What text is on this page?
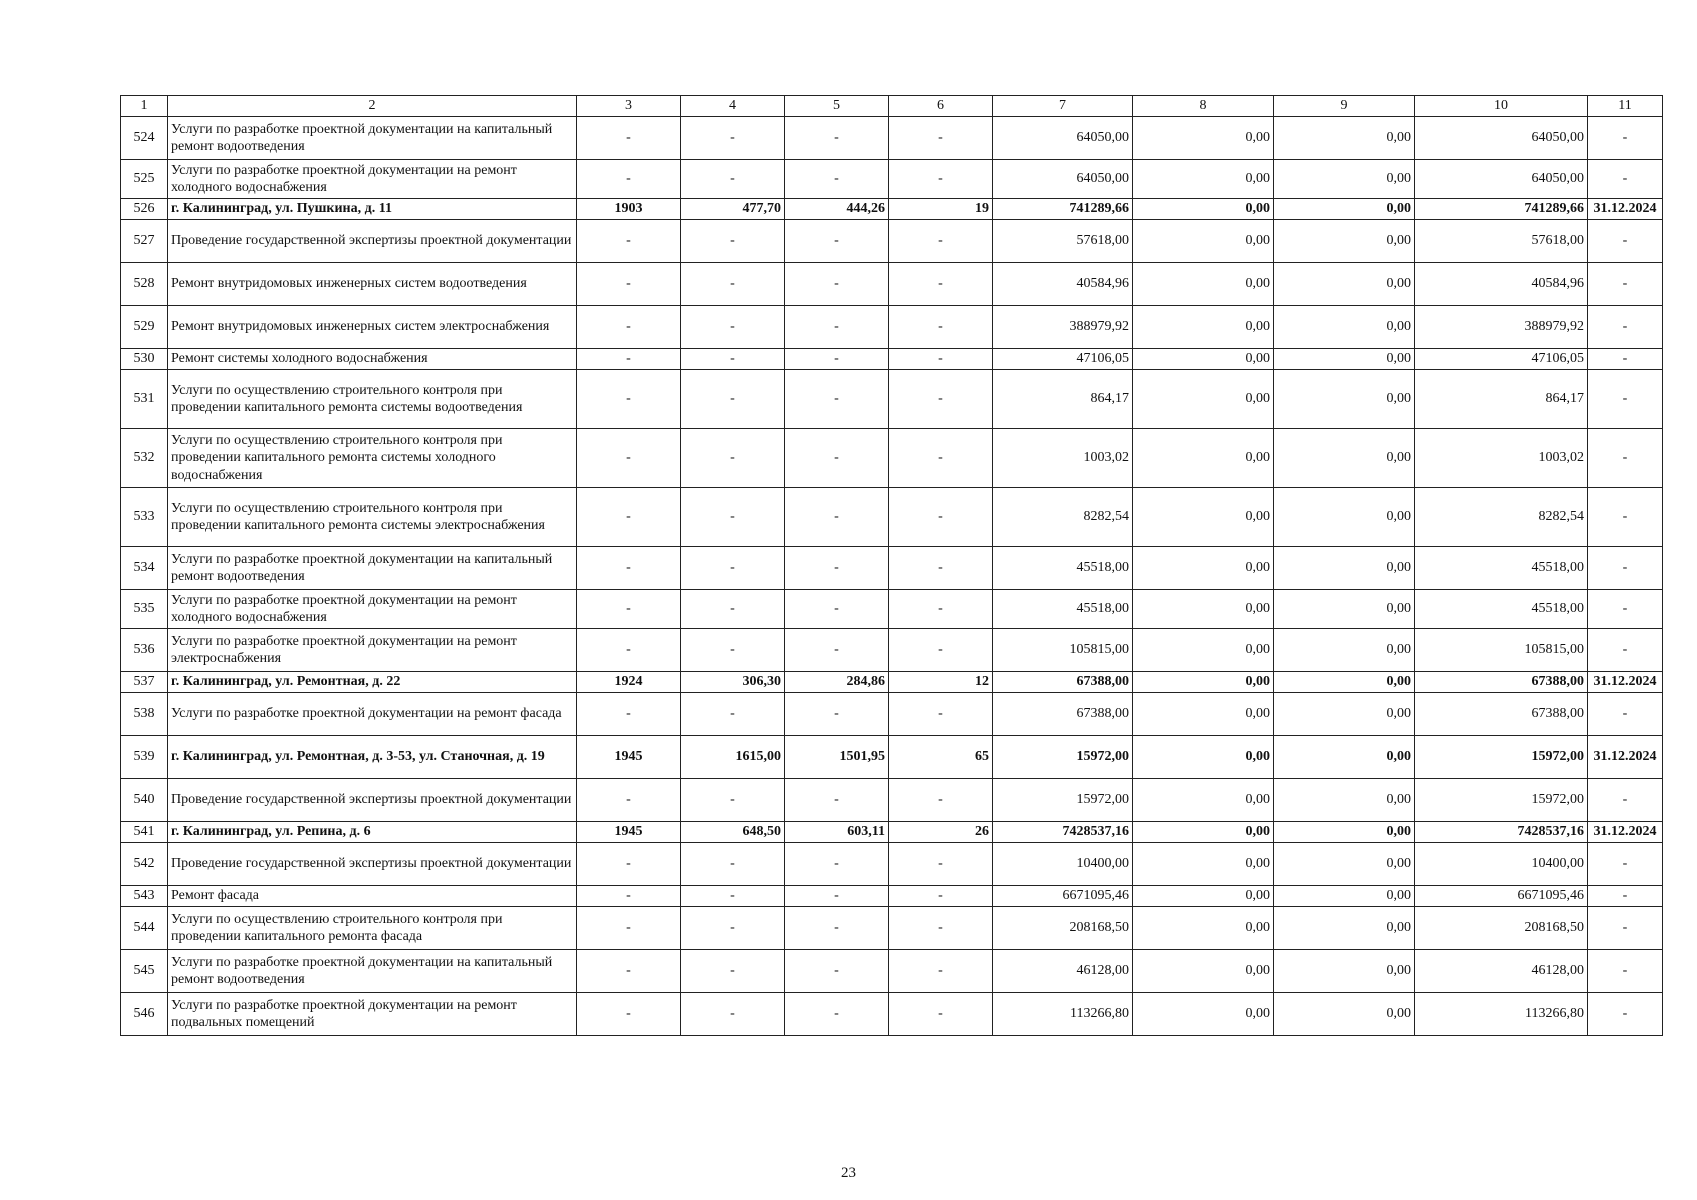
1	2	3	4	5	6	7	8	9	10	11
524	Услуги по разработке проектной документации на капитальный ремонт водоотведения	-	-	-	-	64050,00	0,00	0,00	64050,00	-
525	Услуги по разработке проектной документации на ремонт холодного водоснабжения	-	-	-	-	64050,00	0,00	0,00	64050,00	-
526	г. Калининград, ул. Пушкина, д. 11	1903	477,70	444,26	19	741289,66	0,00	0,00	741289,66	31.12.2024
527	Проведение государственной экспертизы проектной документации	-	-	-	-	57618,00	0,00	0,00	57618,00	-
528	Ремонт внутридомовых инженерных систем водоотведения	-	-	-	-	40584,96	0,00	0,00	40584,96	-
529	Ремонт внутридомовых инженерных систем электроснабжения	-	-	-	-	388979,92	0,00	0,00	388979,92	-
530	Ремонт системы холодного водоснабжения	-	-	-	-	47106,05	0,00	0,00	47106,05	-
531	Услуги по осуществлению строительного контроля при проведении капитального ремонта системы водоотведения	-	-	-	-	864,17	0,00	0,00	864,17	-
532	Услуги по осуществлению строительного контроля при проведении капитального ремонта системы холодного водоснабжения	-	-	-	-	1003,02	0,00	0,00	1003,02	-
533	Услуги по осуществлению строительного контроля при проведении капитального ремонта системы электроснабжения	-	-	-	-	8282,54	0,00	0,00	8282,54	-
534	Услуги по разработке проектной документации на капитальный ремонт водоотведения	-	-	-	-	45518,00	0,00	0,00	45518,00	-
535	Услуги по разработке проектной документации на ремонт холодного водоснабжения	-	-	-	-	45518,00	0,00	0,00	45518,00	-
536	Услуги по разработке проектной документации на ремонт электроснабжения	-	-	-	-	105815,00	0,00	0,00	105815,00	-
537	г. Калининград, ул. Ремонтная, д. 22	1924	306,30	284,86	12	67388,00	0,00	0,00	67388,00	31.12.2024
538	Услуги по разработке проектной документации на ремонт фасада	-	-	-	-	67388,00	0,00	0,00	67388,00	-
539	г. Калининград, ул. Ремонтная, д. 3-53, ул. Станочная, д. 19	1945	1615,00	1501,95	65	15972,00	0,00	0,00	15972,00	31.12.2024
540	Проведение государственной экспертизы проектной документации	-	-	-	-	15972,00	0,00	0,00	15972,00	-
541	г. Калининград, ул. Репина, д. 6	1945	648,50	603,11	26	7428537,16	0,00	0,00	7428537,16	31.12.2024
542	Проведение государственной экспертизы проектной документации	-	-	-	-	10400,00	0,00	0,00	10400,00	-
543	Ремонт фасада	-	-	-	-	6671095,46	0,00	0,00	6671095,46	-
544	Услуги по осуществлению строительного контроля при проведении капитального ремонта фасада	-	-	-	-	208168,50	0,00	0,00	208168,50	-
545	Услуги по разработке проектной документации на капитальный ремонт водоотведения	-	-	-	-	46128,00	0,00	0,00	46128,00	-
546	Услуги по разработке проектной документации на ремонт подвальных помещений	-	-	-	-	113266,80	0,00	0,00	113266,80	-
23
